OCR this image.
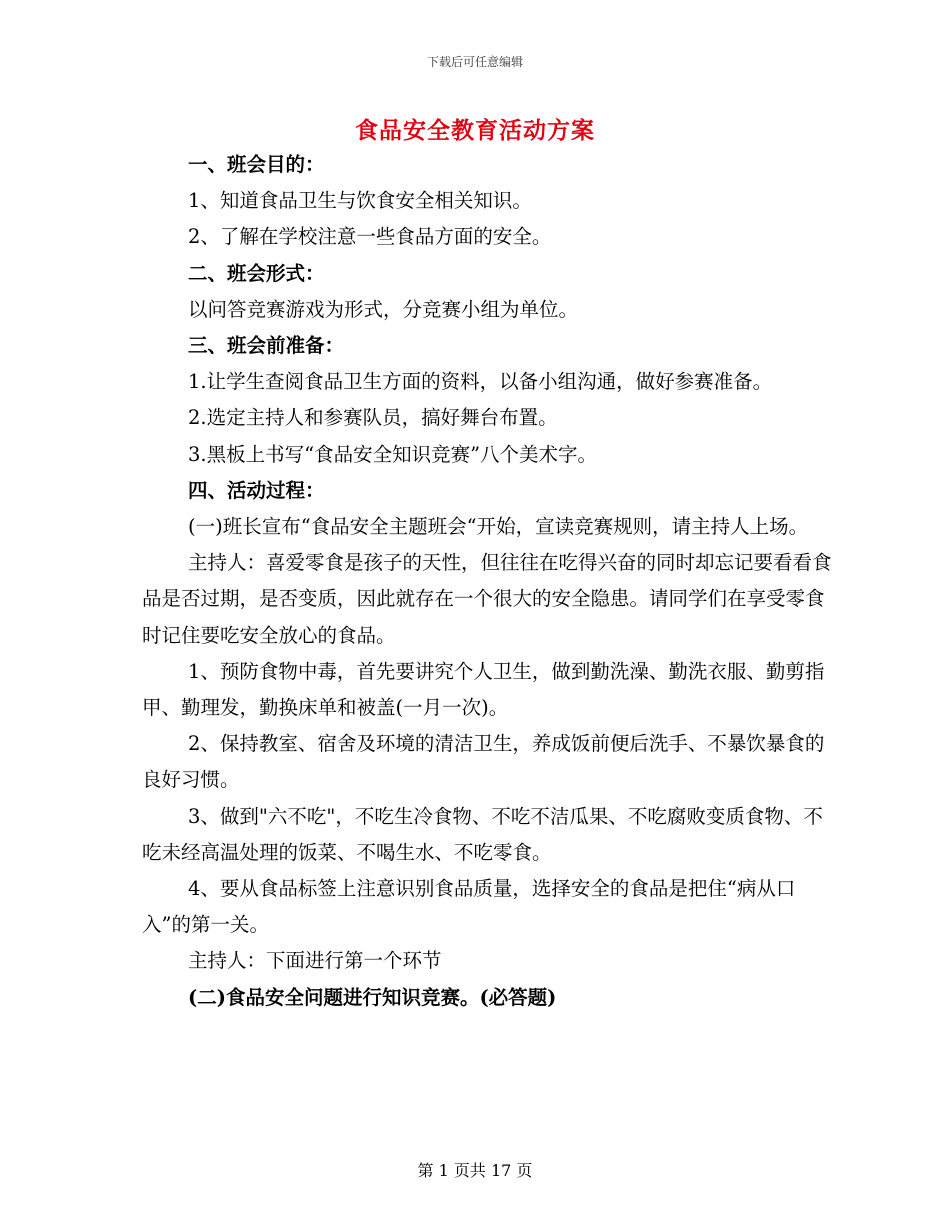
下载后可任意编辑
食品安全教育活动方案

一、班会目的：

1、知道食品卫生与饮食安全相关知识。

2、了解在学校注意一些食品方面的安全。

二、班会形式：

以问答竞赛游戏为形式，分竞赛小组为单位。

三、班会前准备：

1.让学生查阅食品卫生方面的资料，以备小组沟通，做好参赛准备。

2.选定主持人和参赛队员，搞好舞台布置。

3.黑板上书写“食品安全知识竞赛”八个美术字。

四、活动过程：

(一)班长宣布“食品安全主题班会“开始，宣读竞赛规则，请主持人上场。

主持人：喜爱零食是孩子的天性，但往往在吃得兴奋的同时却忘记要看看食品是否过期，是否变质，因此就存在一个很大的安全隐患。请同学们在享受零食时记住要吃安全放心的食品。

1、预防食物中毒，首先要讲究个人卫生，做到勤洗澡、勤洗衣服、勤剪指甲、勤理发，勤换床单和被盖(一月一次)。

2、保持教室、宿舍及环境的清洁卫生，养成饭前便后洗手、不暴饮暴食的良好习惯。

3、做到"六不吃"，不吃生冷食物、不吃不洁瓜果、不吃腐败变质食物、不吃未经高温处理的饭菜、不喝生水、不吃零食。

4、要从食品标签上注意识别食品质量，选择安全的食品是把住“病从口入”的第一关。

主持人：下面进行第一个环节

(二)食品安全问题进行知识竞赛。(必答题)

第 1 页共 17 页
